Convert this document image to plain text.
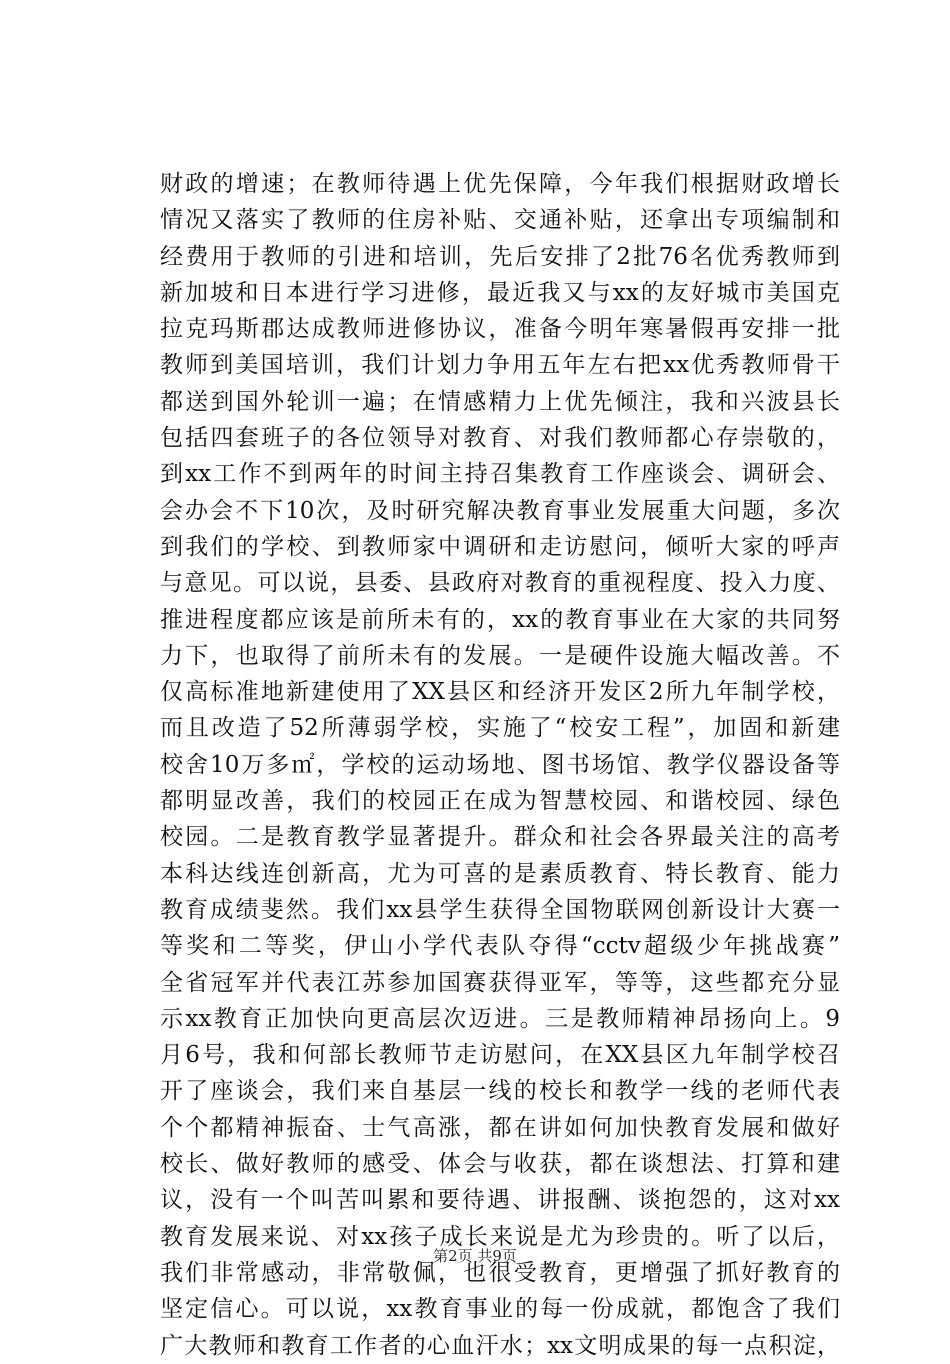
财政的增速；在教师待遇上优先保障，今年我们根据财政增长
情况又落实了教师的住房补贴、交通补贴，还拿出专项编制和
经费用于教师的引进和培训，先后安排了2批76名优秀教师到
新加坡和日本进行学习进修，最近我又与xx的友好城市美国克
拉克玛斯郡达成教师进修协议，准备今明年寒暑假再安排一批
教师到美国培训，我们计划力争用五年左右把xx优秀教师骨干
都送到国外轮训一遍；在情感精力上优先倾注，我和兴波县长
包括四套班子的各位领导对教育、对我们教师都心存崇敬的，
到xx工作不到两年的时间主持召集教育工作座谈会、调研会、
会办会不下10次，及时研究解决教育事业发展重大问题，多次
到我们的学校、到教师家中调研和走访慰问，倾听大家的呼声
与意见。可以说，县委、县政府对教育的重视程度、投入力度、
推进程度都应该是前所未有的，xx的教育事业在大家的共同努
力下，也取得了前所未有的发展。一是硬件设施大幅改善。不
仅高标准地新建使用了XX县区和经济开发区2所九年制学校，
而且改造了52所薄弱学校，实施了“校安工程”，加固和新建
校舍10万多㎡，学校的运动场地、图书场馆、教学仪器设备等
都明显改善，我们的校园正在成为智慧校园、和谐校园、绿色
校园。二是教育教学显著提升。群众和社会各界最关注的高考
本科达线连创新高，尤为可喜的是素质教育、特长教育、能力
教育成绩斐然。我们xx县学生获得全国物联网创新设计大赛一
等奖和二等奖，伊山小学代表队夺得“cctv超级少年挑战赛”
全省冠军并代表江苏参加国赛获得亚军，等等，这些都充分显
示xx教育正加快向更高层次迈进。三是教师精神昂扬向上。9
月6号，我和何部长教师节走访慰问，在XX县区九年制学校召
开了座谈会，我们来自基层一线的校长和教学一线的老师代表
个个都精神振奋、士气高涨，都在讲如何加快教育发展和做好
校长、做好教师的感受、体会与收获，都在谈想法、打算和建
议，没有一个叫苦叫累和要待遇、讲报酬、谈抱怨的，这对xx
教育发展来说、对xx孩子成长来说是尤为珍贵的。听了以后，
我们非常感动，非常敬佩，也很受教育，更增强了抓好教育的
坚定信心。可以说，xx教育事业的每一份成就，都饱含了我们
广大教师和教育工作者的心血汗水；xx文明成果的每一点积淀，
第2页 共9页
